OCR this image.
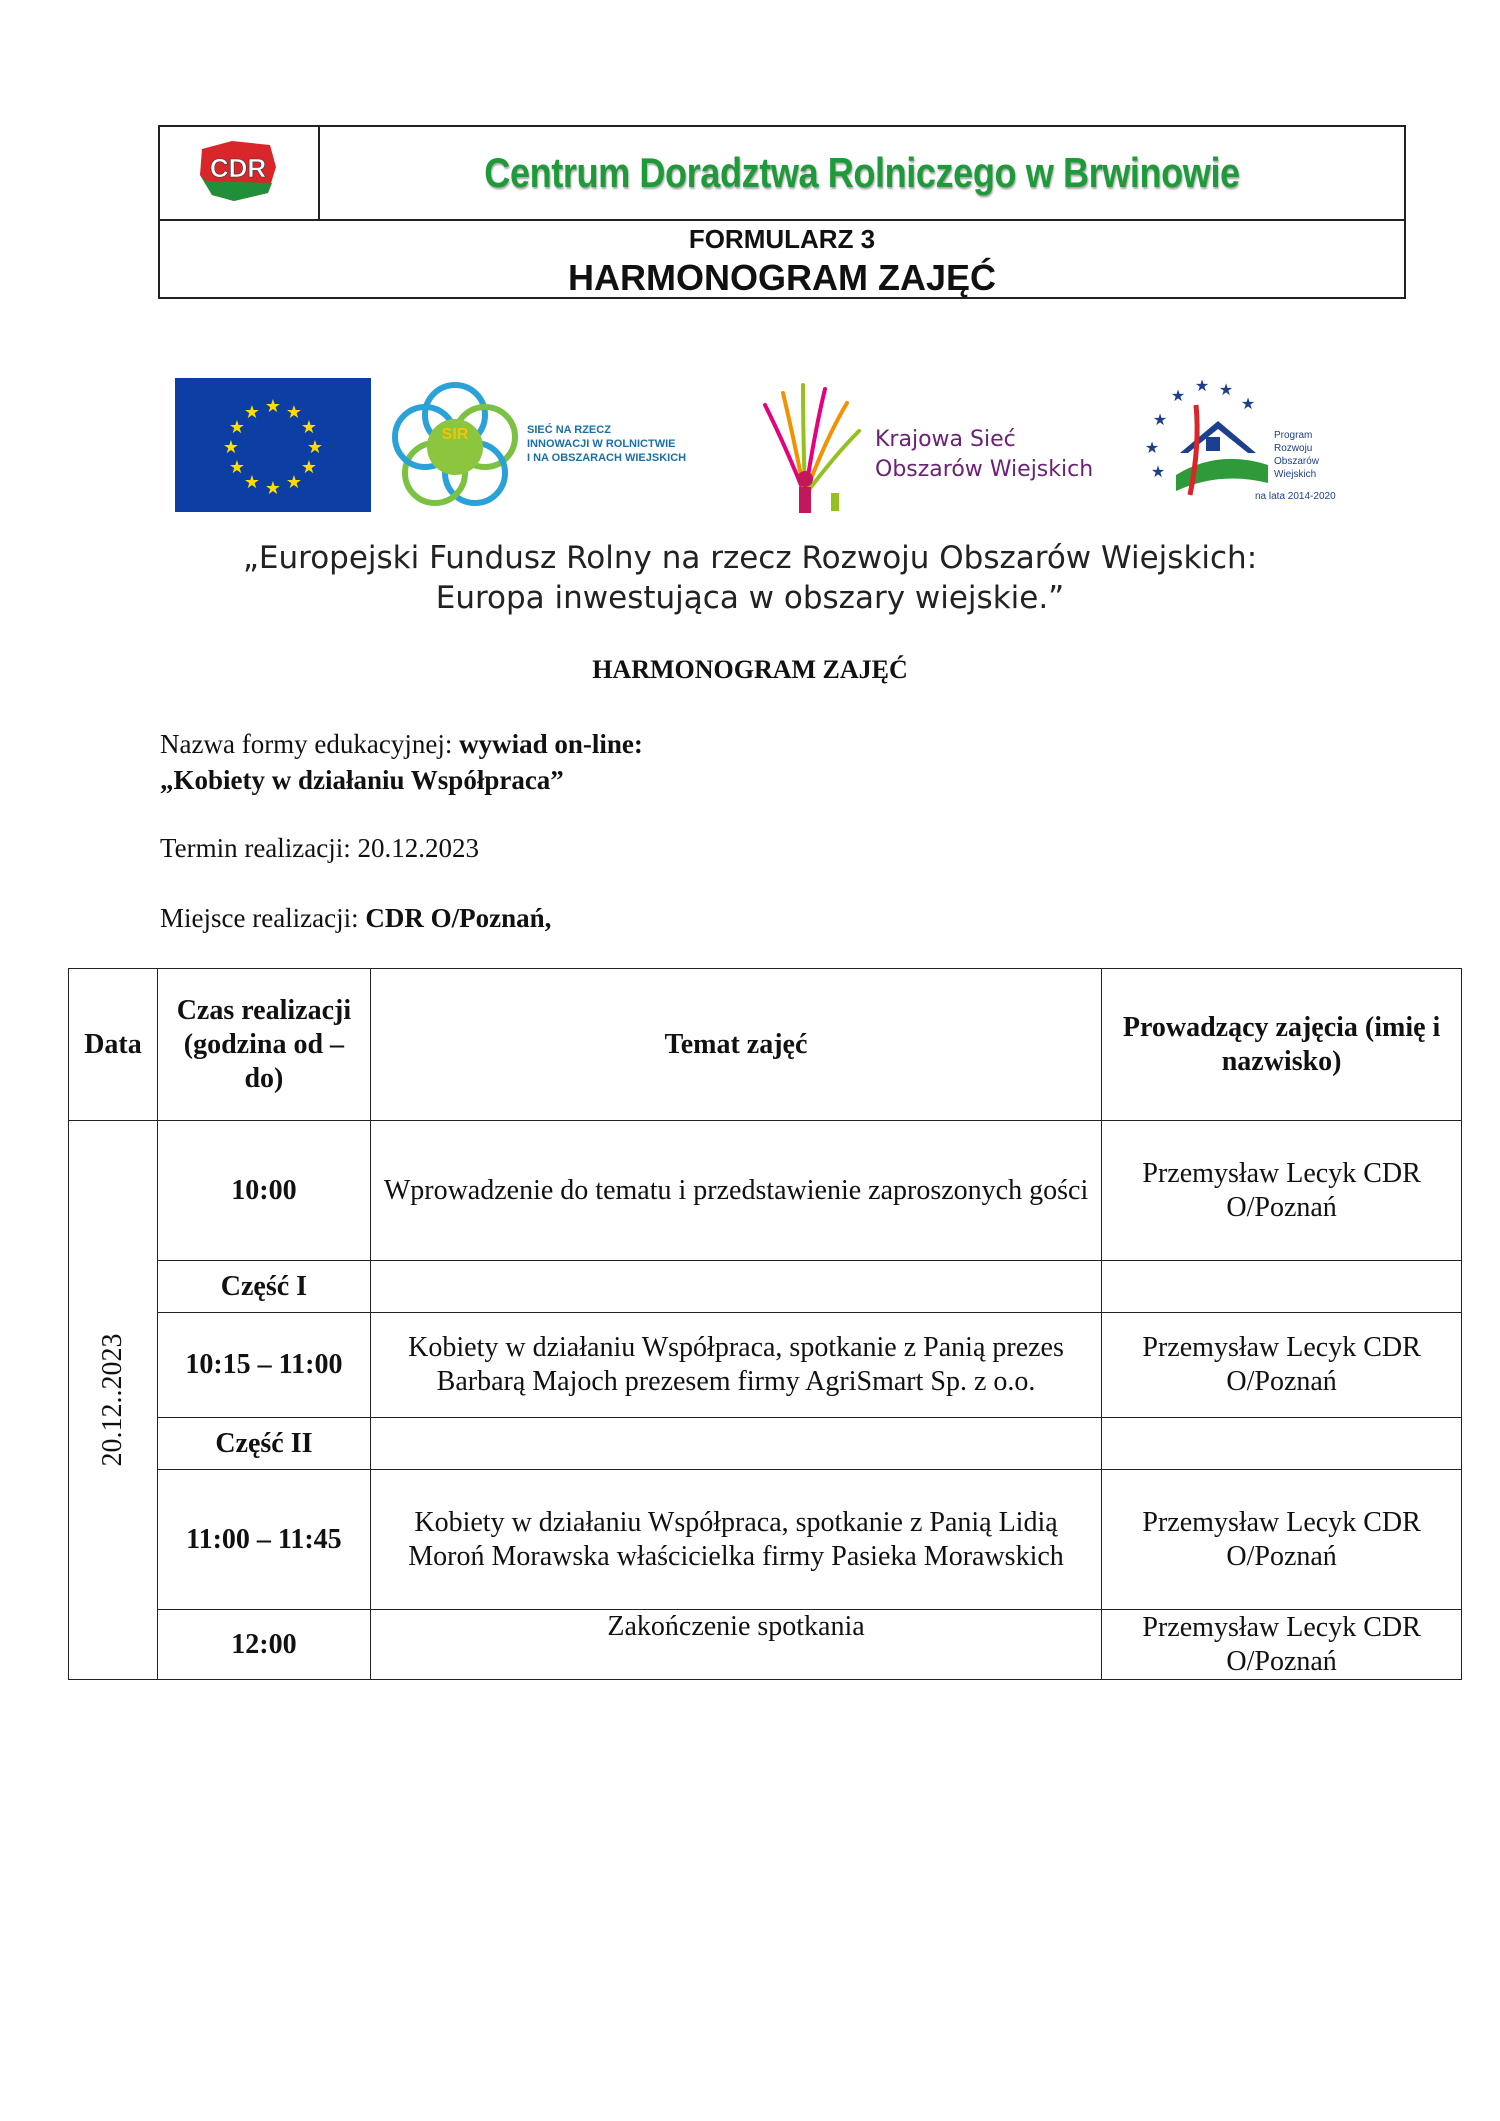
CDR	Centrum Doradztwa Rolniczego w Brwinowie
FORMULARZ 3
HARMONOGRAM ZAJĘĆ
★ ★
★
★
★
★
★
★
★
★
★
★
SIR	SIEĆ NA RZECZ
INNOWACJI W ROLNICTWIE
I NA OBSZARACH WIEJSKICH
Krajowa Sieć
Obszarów Wiejskich
★
★
★ ★
★
★
★
Program
Rozwoju
Obszarów
Wiejskich
na lata 2014-2020
„Europejski Fundusz Rolny na rzecz Rozwoju Obszarów Wiejskich:
Europa inwestująca w obszary wiejskie.”
HARMONOGRAM ZAJĘĆ
Nazwa formy edukacyjnej: wywiad on-line:
„Kobiety w działaniu Współpraca”
Termin realizacji: 20.12.2023
Miejsce realizacji: CDR O/Poznań,
Data	Czas realizacji (godzina od – do)	Temat zajęć	Prowadzący zajęcia (imię i nazwisko)

20.12..2023	10:00	Wprowadzenie do tematu i przedstawienie zaproszonych gości	Przemysław Lecyk CDR O/Poznań
	Część I		
	10:15 – 11:00	Kobiety w działaniu Współpraca, spotkanie z Panią prezes Barbarą Majoch prezesem firmy AgriSmart Sp. z o.o.	Przemysław Lecyk CDR O/Poznań
	Część II		
	11:00 – 11:45	Kobiety w działaniu Współpraca, spotkanie z Panią Lidią Moroń Morawska właścicielka firmy Pasieka Morawskich	Przemysław Lecyk CDR O/Poznań
	12:00	Zakończenie spotkania	Przemysław Lecyk CDR O/Poznań
